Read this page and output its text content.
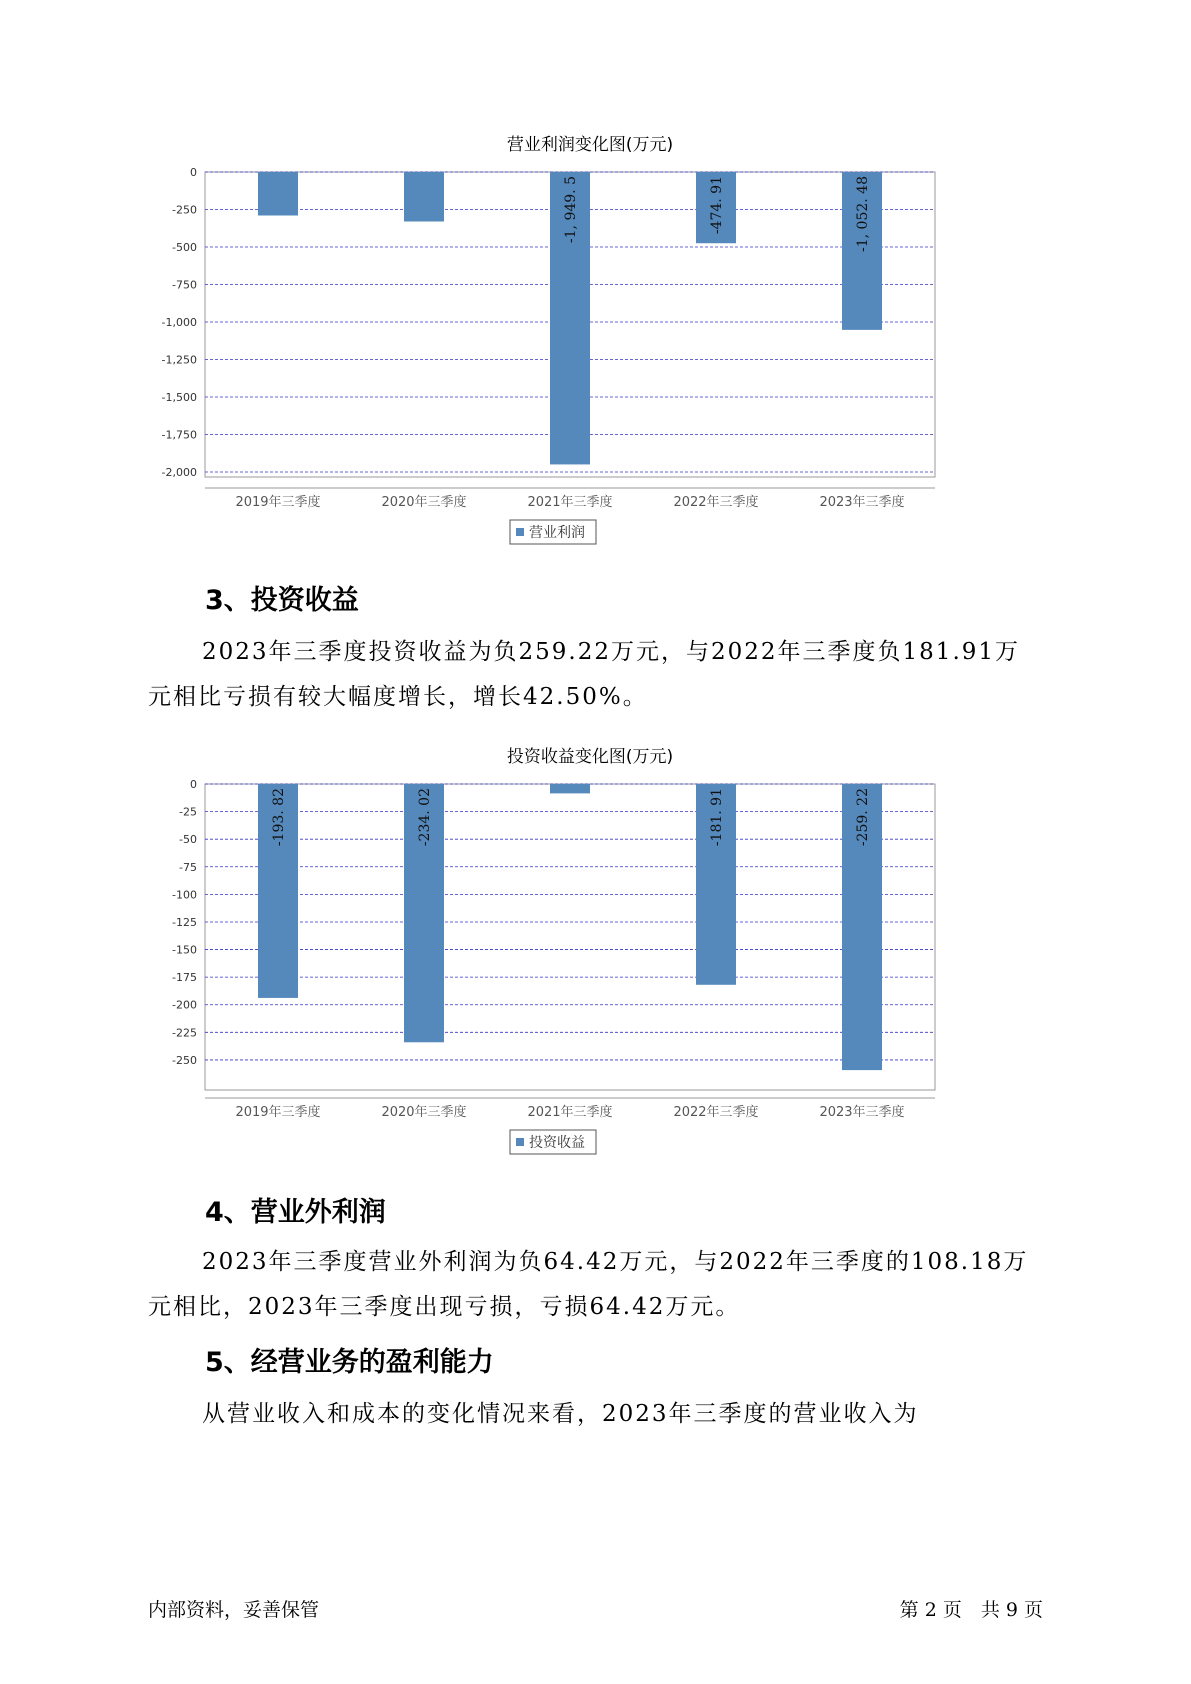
营业利润变化图(万元)
0
-250
-500
-750
-1,000
-1,250
-1,500
-1,750
-2,000
2019年三季度	2020年三季度
-1, 949. 5
2021年三季度
-474. 91
2022年三季度
-1, 052. 48
2023年三季度
营业利润
3、投资收益

2023年三季度投资收益为负259.22万元，与2022年三季度负181.91万
元相比亏损有较大幅度增长，增长42.50%。

投资收益变化图(万元)
0
-25
-50
-75
-100
-125
-150
-175
-200
-225
-250
-193. 82
2019年三季度
-234. 02
2020年三季度	2021年三季度
-181. 91
2022年三季度
-259. 22
2023年三季度
投资收益
4、营业外利润

2023年三季度营业外利润为负64.42万元，与2022年三季度的108.18万
元相比，2023年三季度出现亏损，亏损64.42万元。

5、经营业务的盈利能力

从营业收入和成本的变化情况来看，2023年三季度的营业收入为

内部资料，妥善保管	第 2 页　共 9 页
